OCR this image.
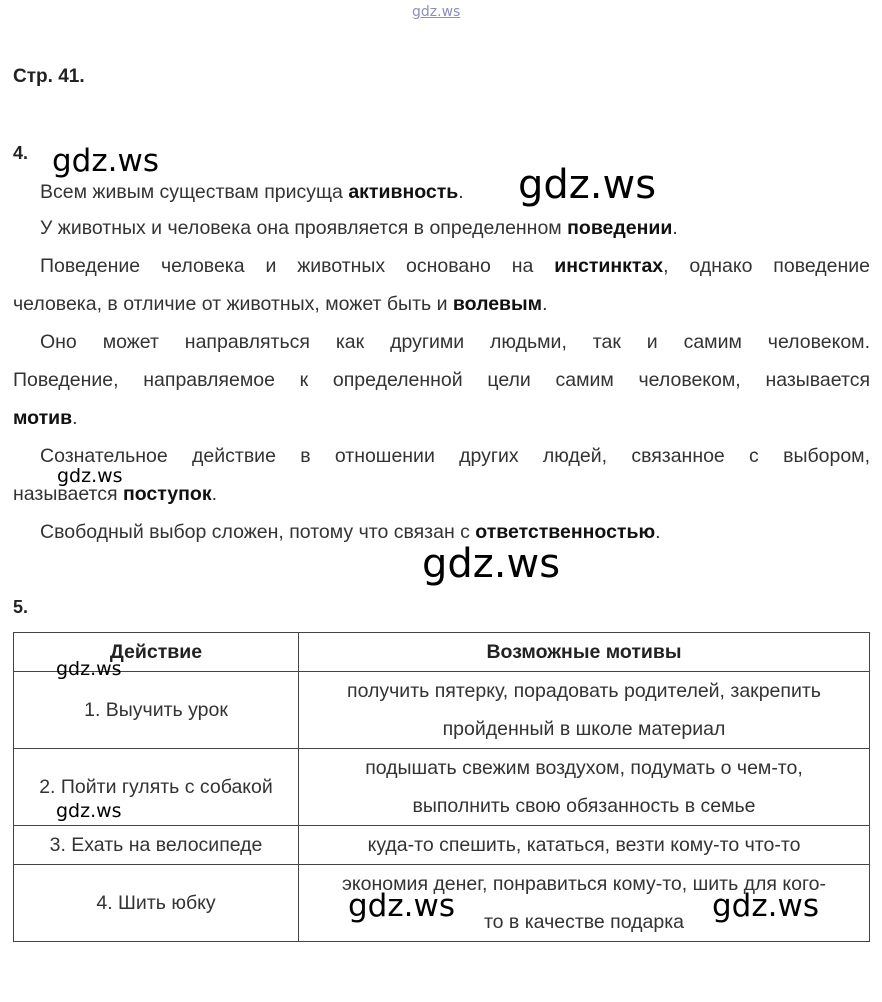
gdz.ws
Стр. 41.
4.
Всем живым существам присуща активность.
У животных и человека она проявляется в определенном поведении.
Поведение человека и животных основано на инстинктах, однако поведение
человека, в отличие от животных, может быть и волевым.
Оно может направляться как другими людьми, так и самим человеком.
Поведение, направляемое к определенной цели самим человеком, называется
мотив.
Сознательное действие в отношении других людей, связанное с выбором,
называется поступок.
Свободный выбор сложен, потому что связан с ответственностью.
5.
Действие	Возможные мотивы
1. Выучить урок	получить пятерку, порадовать родителей, закрепить
пройденный в школе материал

2. Пойти гулять с собакой	подышать свежим воздухом, подумать о чем-то,
выполнить свою обязанность в семье

3. Ехать на велосипеде	куда-то спешить, кататься, везти кому-то что-то

4. Шить юбку	экономия денег, понравиться кому-то, шить для кого-
то в качестве подарка
gdz.ws
gdz.ws
gdz.ws
gdz.ws
gdz.ws
gdz.ws
gdz.ws	gdz.ws
